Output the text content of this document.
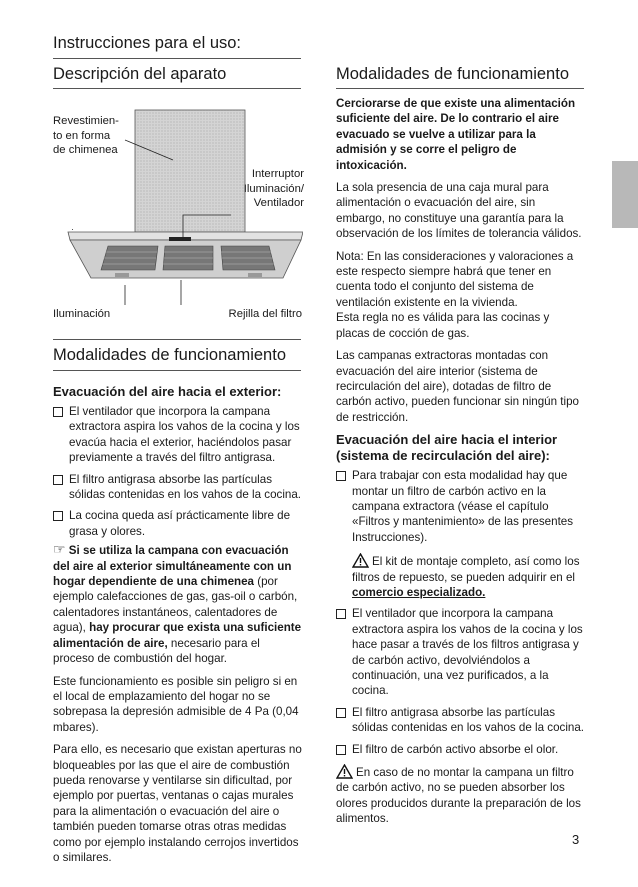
Instrucciones para el uso:
Descripción del aparato
·
Revestimien-
to en forma
de chimenea
Interruptor
Iluminación/
Ventilador
Iluminación	Rejilla del filtro
Modalidades de funcionamiento
Evacuación del aire hacia el exterior:
El ventilador que incorpora la campana extractora aspira los vahos de la cocina y los evacúa hacia el exterior, haciéndolos pasar previamente a través del filtro antigrasa.
El filtro antigrasa absorbe las partículas sólidas contenidas en los vahos de la cocina.
La cocina queda así prácticamente libre de grasa y olores.

☞ Si se utiliza la campana con evacuación del aire al exterior simultáneamente con un hogar dependiente de una chimenea (por ejemplo calefacciones de gas, gas-oil o carbón, calentadores instantáneos, calentadores de agua), hay procurar que exista una suficiente alimentación de aire, necesario para el proceso de combustión del hogar.

Este funcionamiento es posible sin peligro si en el local de emplazamiento del hogar no se sobrepasa la depresión admisible de 4 Pa (0,04 mbares).

Para ello, es necesario que existan aperturas no bloqueables por las que el aire de combustión pueda renovarse y ventilarse sin dificultad, por ejemplo por puertas, ventanas o cajas murales para la alimentación o evacuación del aire o también pueden tomarse otras otras medidas como por ejemplo instalando cerrojos invertidos o similares.

Modalidades de funcionamiento

Cerciorarse de que existe una alimentación suficiente del aire. De lo contrario el aire evacuado se vuelve a utilizar para la admisión y se corre el peligro de intoxicación.

La sola presencia de una caja mural para alimentación o evacuación del aire, sin embargo, no constituye una garantía para la observación de los límites de tolerancia válidos.

Nota: En las consideraciones y valoraciones a este respecto siempre habrá que tener en cuenta todo el conjunto del sistema de ventilación existente en la vivienda.
Esta regla no es válida para las cocinas y placas de cocción de gas.

Las campanas extractoras montadas con evacuación del aire interior (sistema de recirculación del aire), dotadas de filtro de carbón activo, pueden funcionar sin ningún tipo de restricción.

Evacuación del aire hacia el interior (sistema de recirculación del aire):
Para trabajar con esta modalidad hay que montar un filtro de carbón activo en la campana extractora (véase el capítulo «Filtros y mantenimiento» de las presentes Instrucciones).
El kit de montaje completo, así como los filtros de repuesto, se pueden adquirir en el comercio especializado.
El ventilador que incorpora la campana extractora aspira los vahos de la cocina y los hace pasar a través de los filtros antigrasa y de carbón activo, devolviéndolos a continuación, una vez purificados, a la cocina.
El filtro antigrasa absorbe las partículas sólidas contenidas en los vahos de la cocina.
El filtro de carbón activo absorbe el olor.

En caso de no montar la campana un filtro de carbón activo, no se pueden absorber los olores producidos durante la preparación de los alimentos.

3
